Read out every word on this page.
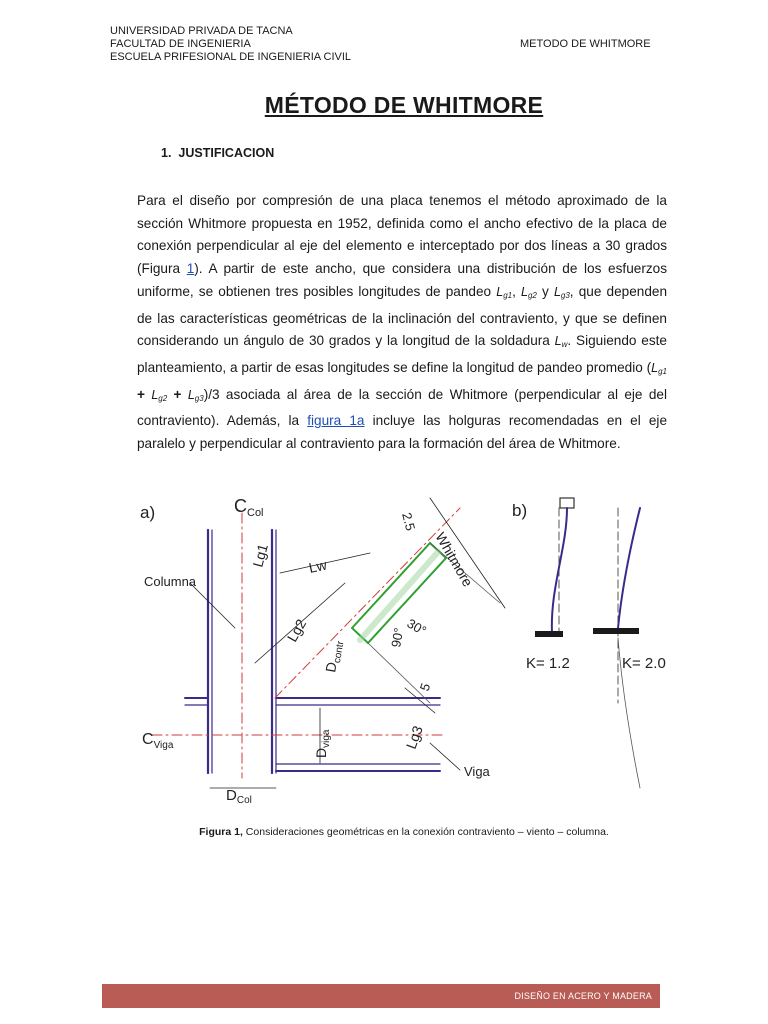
UNIVERSIDAD PRIVADA DE TACNA
FACULTAD DE INGENIERIA
ESCUELA PRIFESIONAL DE INGENIERIA CIVIL
METODO DE WHITMORE
MÉTODO DE WHITMORE
1. JUSTIFICACION
Para el diseño por compresión de una placa tenemos el método aproximado de la sección Whitmore propuesta en 1952, definida como el ancho efectivo de la placa de conexión perpendicular al eje del elemento e interceptado por dos líneas a 30 grados (Figura 1). A partir de este ancho, que considera una distribución de los esfuerzos uniforme, se obtienen tres posibles longitudes de pandeo $L_{g1}$, $L_{g2}$ y $L_{g3}$, que dependen de las características geométricas de la inclinación del contraviento, y que se definen considerando un ángulo de 30 grados y la longitud de la soldadura $L_w$. Siguiendo este planteamiento, a partir de esas longitudes se define la longitud de pandeo promedio $(L_{g1} + L_{g2} + L_{g3})/3$ asociada al área de la sección de Whitmore (perpendicular al eje del contraviento). Además, la figura 1a incluye las holguras recomendadas en el eje paralelo y perpendicular al contraviento para la formación del área de Whitmore.
a)	b)
$C_{Col}$
$C_{Viga}$
Columna
Viga
Whitmore
Lw
Lg1
Lg2
Lg3
$D_{contr}$
$D_{viga}$
$D_{Col}$
2.5
5
30°
90°
K= 1.2	K= 2.0
Figura 1, Consideraciones geométricas en la conexión contraviento – viento – columna.
DISEÑO EN ACERO Y MADERA
